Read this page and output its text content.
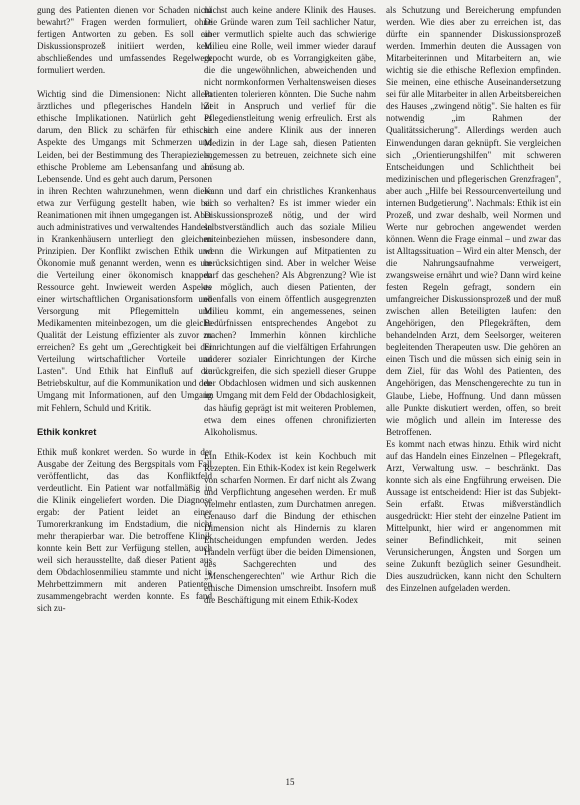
gung des Patienten dienen vor Schaden nicht bewahrt?" Fragen werden formuliert, ohne fertigen Antworten zu geben. Es soll ein Diskussionsprozeß initiiert werden, kein abschließendes und umfassendes Regelwerk formuliert werden.

Wichtig sind die Dimensionen: Nicht allein ärztliches und pflegerisches Handeln hat ethische Implikationen. Natürlich geht es darum, den Blick zu schärfen für ethische Aspekte des Umgangs mit Schmerzen und Leiden, bei der Bestimmung des Therapieziels, ethische Probleme am Lebensanfang und am Lebensende. Und es geht auch darum, Personen in ihren Rechten wahrzunehmen, wenn diese etwa zur Verfügung gestellt haben, wie bei Reanimationen mit ihnen umgegangen ist. Aber auch administratives und verwaltendes Handeln in Krankenhäusern unterliegt den gleichen Prinzipien. Der Konflikt zwischen Ethik und Ökonomie muß genannt werden, wenn es um die Verteilung einer ökonomisch knappen Ressource geht. Inwieweit werden Aspekte einer wirtschaftlichen Organisationsform und Versorgung mit Pflegemitteln und Medikamenten miteinbezogen, um die gleiche Qualität der Leistung effizienter als zuvor zu erreichen? Es geht um „Gerechtigkeit bei der Verteilung wirtschaftlicher Vorteile und Lasten". Und Ethik hat Einfluß auf die Betriebskultur, auf die Kommunikation und den Umgang mit Informationen, auf den Umgang mit Fehlern, Schuld und Kritik.

Ethik konkret

Ethik muß konkret werden. So wurde in der Ausgabe der Zeitung des Bergspitals vom Fall veröffentlicht, das das Konfliktfeld verdeutlicht. Ein Patient war notfallmäßig in die Klinik eingeliefert worden. Die Diagnose ergab: der Patient leidet an einer Tumorerkrankung im Endstadium, die nicht mehr therapierbar war. Die betroffene Klinik konnte kein Bett zur Verfügung stellen, auch weil sich herausstellte, daß dieser Patient aus dem Obdachlosenmilieu stammte und nicht in Mehrbettzimmern mit anderen Patienten zusammengebracht werden konnte. Es fand sich zu-

nächst auch keine andere Klinik des Hauses. Die Gründe waren zum Teil sachlicher Natur, aber vermutlich spielte auch das schwierige Milieu eine Rolle, weil immer wieder darauf gepocht wurde, ob es Vorrangigkeiten gäbe, die die ungewöhnlichen, abweichenden und nicht normkonformen Verhaltensweisen dieses Patienten tolerieren könnten. Die Suche nahm Zeit in Anspruch und verlief für die Pflegedienstleitung wenig erfreulich. Erst als sich eine andere Klinik aus der inneren Medizin in der Lage sah, diesen Patienten angemessen zu betreuen, zeichnete sich eine Lösung ab.

Kann und darf ein christliches Krankenhaus sich so verhalten? Es ist immer wieder ein Diskussionsprozeß nötig, und der wird selbstverständlich auch das soziale Milieu miteinbeziehen müssen, insbesondere dann, wenn die Wirkungen auf Mitpatienten zu berücksichtigen sind. Aber in welcher Weise darf das geschehen? Als Abgrenzung? Wie ist es möglich, auch diesen Patienten, der ebenfalls von einem öffentlich ausgegrenzten Milieu kommt, ein angemessenes, seinen Bedürfnissen entsprechendes Angebot zu machen? Immerhin können kirchliche Einrichtungen auf die vielfältigen Erfahrungen anderer sozialer Einrichtungen der Kirche zurückgreifen, die sich speziell dieser Gruppe der Obdachlosen widmen und sich auskennen im Umgang mit dem Feld der Obdachlosigkeit, das häufig geprägt ist mit weiteren Problemen, etwa dem eines offenen chronifizierten Alkoholismus.

Ein Ethik-Kodex ist kein Kochbuch mit Rezepten. Ein Ethik-Kodex ist kein Regelwerk von scharfen Normen. Er darf nicht als Zwang und Verpflichtung angesehen werden. Er muß vielmehr entlasten, zum Durchatmen anregen. Genauso darf die Bindung der ethischen Dimension nicht als Hindernis zu klaren Entscheidungen empfunden werden. Jedes Handeln verfügt über die beiden Dimensionen, des Sachgerechten und des „Menschengerechten" wie Arthur Rich die ethische Dimension umschreibt. Insofern muß die Beschäftigung mit einem Ethik-Kodex

als Schutzung und Bereicherung empfunden werden. Wie dies aber zu erreichen ist, das dürfte ein spannender Diskussionsprozeß werden. Immerhin deuten die Aussagen von Mitarbeiterinnen und Mitarbeitern an, wie wichtig sie die ethische Reflexion empfinden. Sie meinen, eine ethische Auseinandersetzung sei für alle Mitarbeiter in allen Arbeitsbereichen des Hauses „zwingend nötig". Sie halten es für notwendig „im Rahmen der Qualitätssicherung". Allerdings werden auch Einwendungen daran geknüpft. Sie vergleichen sich „Orientierungshilfen" mit schweren Entscheidungen und Schlichtheit bei medizinischen und pflegerischen Grenzfragen", aber auch „Hilfe bei Ressourcenverteilung und internen Budgetierung". Nachmals: Ethik ist ein Prozeß, und zwar deshalb, weil Normen und Werte nur gebrochen angewendet werden können. Wenn die Frage einmal – und zwar das ist Alltagssituation – Wird ein alter Mensch, der die Nahrungsaufnahme verweigert, zwangsweise ernährt und wie? Dann wird keine festen Regeln gefragt, sondern ein umfangreicher Diskussionsprozeß und der muß zwischen allen Beteiligten laufen: den Angehörigen, den Pflegekräften, dem behandelnden Arzt, dem Seelsorger, weiteren begleitenden Therapeuten usw. Die gehören an einen Tisch und die müssen sich einig sein in dem Ziel, für das Wohl des Patienten, des Angehörigen, das Menschengerechte zu tun in Glaube, Liebe, Hoffnung. Und dann müssen alle Punkte diskutiert werden, offen, so breit wie möglich und allein im Interesse des Betroffenen.

Es kommt nach etwas hinzu. Ethik wird nicht auf das Handeln eines Einzelnen – Pflegekraft, Arzt, Verwaltung usw. – beschränkt. Das konnte sich als eine Engführung erweisen. Die Aussage ist entscheidend: Hier ist das Subjekt-Sein erfaßt. Etwas mißverständlich ausgedrückt: Hier steht der einzelne Patient im Mittelpunkt, hier wird er angenommen mit seiner Befindlichkeit, mit seinen Verunsicherungen, Ängsten und Sorgen um seine Zukunft bezüglich seiner Gesundheit. Dies auszudrücken, kann nicht den Schultern des Einzelnen aufgeladen werden.

15
